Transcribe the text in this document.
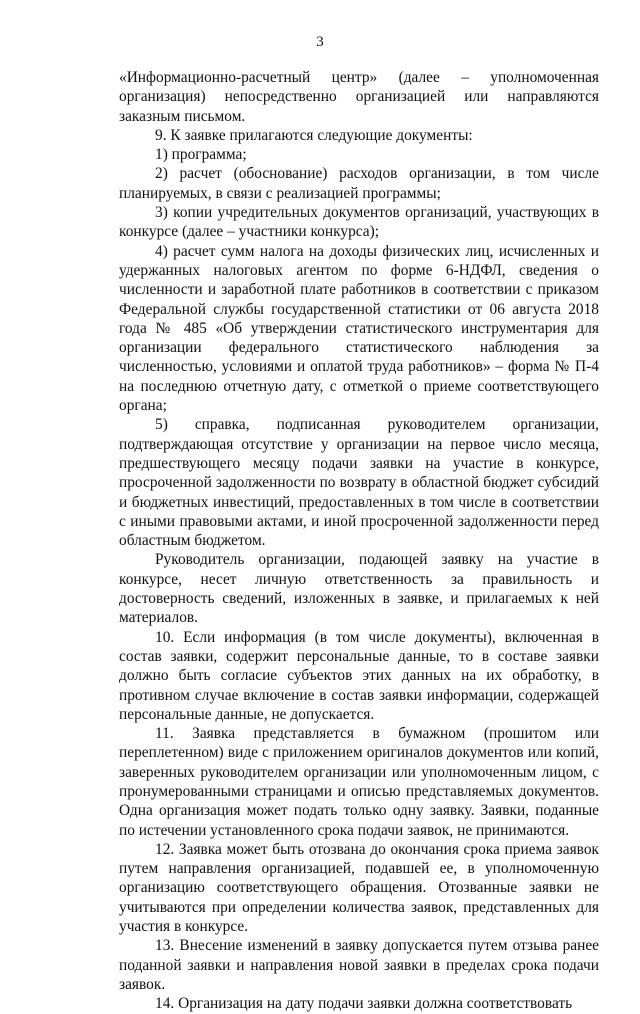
3

«Информационно-расчетный центр» (далее – уполномоченная организация) непосредственно организацией или направляются заказным письмом.

9. К заявке прилагаются следующие документы:

1) программа;

2) расчет (обоснование) расходов организации, в том числе планируемых, в связи с реализацией программы;

3) копии учредительных документов организаций, участвующих в конкурсе (далее – участники конкурса);

4) расчет сумм налога на доходы физических лиц, исчисленных и удержанных налоговых агентом по форме 6-НДФЛ, сведения о численности и заработной плате работников в соответствии с приказом Федеральной службы государственной статистики от 06 августа 2018 года № 485 «Об утверждении статистического инструментария для организации федерального статистического наблюдения за численностью, условиями и оплатой труда работников» – форма № П-4 на последнюю отчетную дату, с отметкой о приеме соответствующего органа;

5) справка, подписанная руководителем организации, подтверждающая отсутствие у организации на первое число месяца, предшествующего месяцу подачи заявки на участие в конкурсе, просроченной задолженности по возврату в областной бюджет субсидий и бюджетных инвестиций, предоставленных в том числе в соответствии с иными правовыми актами, и иной просроченной задолженности перед областным бюджетом.

Руководитель организации, подающей заявку на участие в конкурсе, несет личную ответственность за правильность и достоверность сведений, изложенных в заявке, и прилагаемых к ней материалов.

10. Если информация (в том числе документы), включенная в состав заявки, содержит персональные данные, то в составе заявки должно быть согласие субъектов этих данных на их обработку, в противном случае включение в состав заявки информации, содержащей персональные данные, не допускается.

11. Заявка представляется в бумажном (прошитом или переплетенном) виде с приложением оригиналов документов или копий, заверенных руководителем организации или уполномоченным лицом, с пронумерованными страницами и описью представляемых документов. Одна организация может подать только одну заявку. Заявки, поданные по истечении установленного срока подачи заявок, не принимаются.

12. Заявка может быть отозвана до окончания срока приема заявок путем направления организацией, подавшей ее, в уполномоченную организацию соответствующего обращения. Отозванные заявки не учитываются при определении количества заявок, представленных для участия в конкурсе.

13. Внесение изменений в заявку допускается путем отзыва ранее поданной заявки и направления новой заявки в пределах срока подачи заявок.

14. Организация на дату подачи заявки должна соответствовать
